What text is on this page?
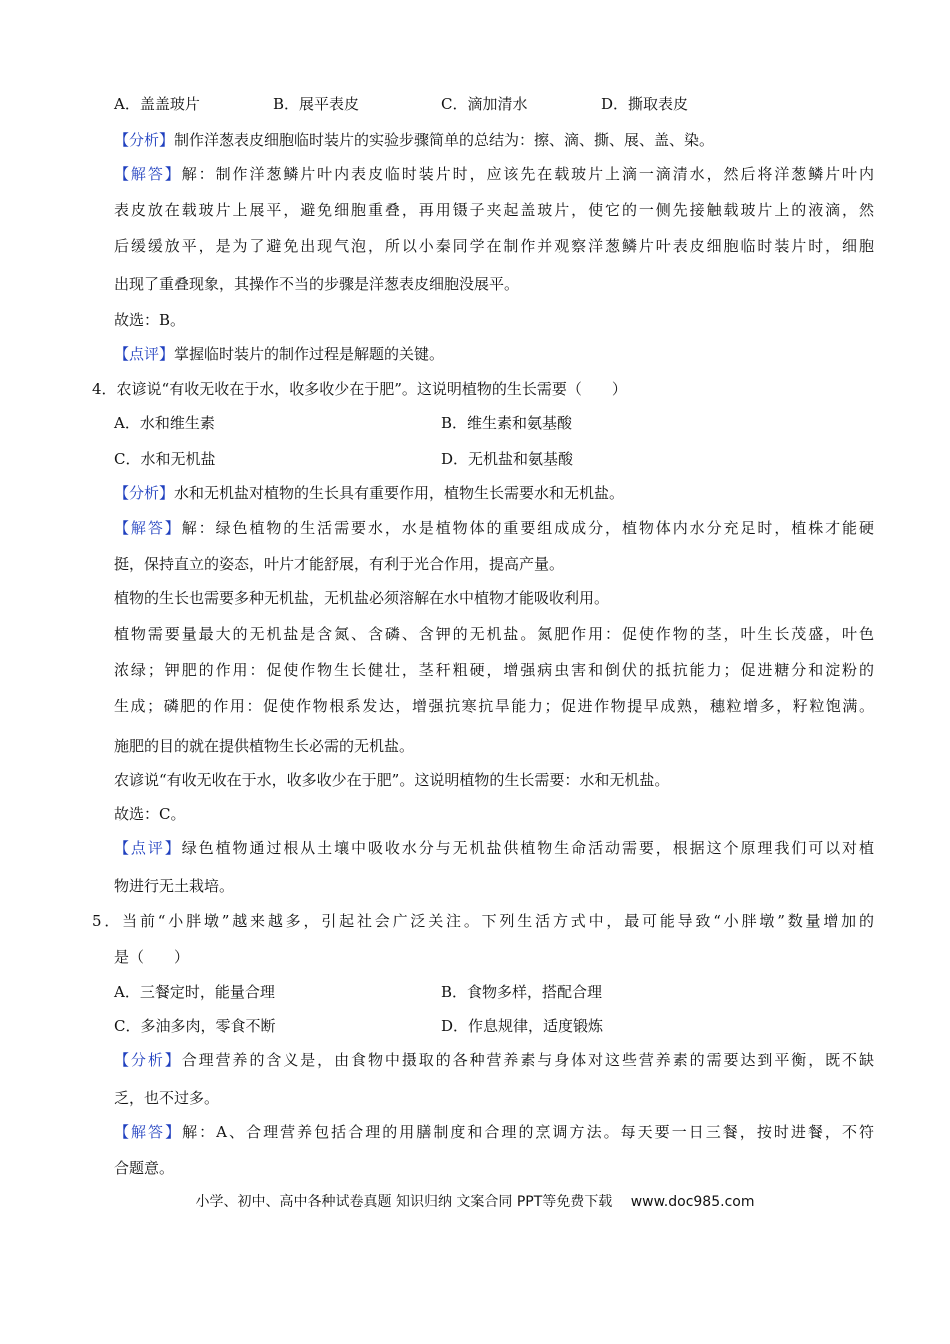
A．盖盖玻片	B．展平表皮	C．滴加清水	D．撕取表皮
【分析】制作洋葱表皮细胞临时装片的实验步骤简单的总结为：擦、滴、撕、展、盖、染。
【解答】解：制作洋葱鳞片叶内表皮临时装片时，应该先在载玻片上滴一滴清水，然后将洋葱鳞片叶内
表皮放在载玻片上展平，避免细胞重叠，再用镊子夹起盖玻片，使它的一侧先接触载玻片上的液滴，然
后缓缓放平，是为了避免出现气泡，所以小秦同学在制作并观察洋葱鳞片叶表皮细胞临时装片时，细胞
出现了重叠现象，其操作不当的步骤是洋葱表皮细胞没展平。
故选：B。
【点评】掌握临时装片的制作过程是解题的关键。
4．农谚说“有收无收在于水，收多收少在于肥”。这说明植物的生长需要（　　）
A．水和维生素	B．维生素和氨基酸
C．水和无机盐	D．无机盐和氨基酸
【分析】水和无机盐对植物的生长具有重要作用，植物生长需要水和无机盐。
【解答】解：绿色植物的生活需要水，水是植物体的重要组成成分，植物体内水分充足时，植株才能硬
挺，保持直立的姿态，叶片才能舒展，有利于光合作用，提高产量。
植物的生长也需要多种无机盐，无机盐必须溶解在水中植物才能吸收利用。
植物需要量最大的无机盐是含氮、含磷、含钾的无机盐。氮肥作用：促使作物的茎，叶生长茂盛，叶色
浓绿；钾肥的作用：促使作物生长健壮，茎秆粗硬，增强病虫害和倒伏的抵抗能力；促进糖分和淀粉的
生成；磷肥的作用：促使作物根系发达，增强抗寒抗旱能力；促进作物提早成熟，穗粒增多，籽粒饱满。
施肥的目的就在提供植物生长必需的无机盐。
农谚说“有收无收在于水，收多收少在于肥”。这说明植物的生长需要：水和无机盐。
故选：C。
【点评】绿色植物通过根从土壤中吸收水分与无机盐供植物生命活动需要，根据这个原理我们可以对植
物进行无土栽培。
5．当前“小胖墩”越来越多，引起社会广泛关注。下列生活方式中，最可能导致“小胖墩”数量增加的
是（　　）
A．三餐定时，能量合理	B．食物多样，搭配合理
C．多油多肉，零食不断	D．作息规律，适度锻炼
【分析】合理营养的含义是，由食物中摄取的各种营养素与身体对这些营养素的需要达到平衡，既不缺
乏，也不过多。
【解答】解：A、合理营养包括合理的用膳制度和合理的烹调方法。每天要一日三餐，按时进餐，不符
合题意。
小学、初中、高中各种试卷真题 知识归纳 文案合同 PPT等免费下载　 www.doc985.com
